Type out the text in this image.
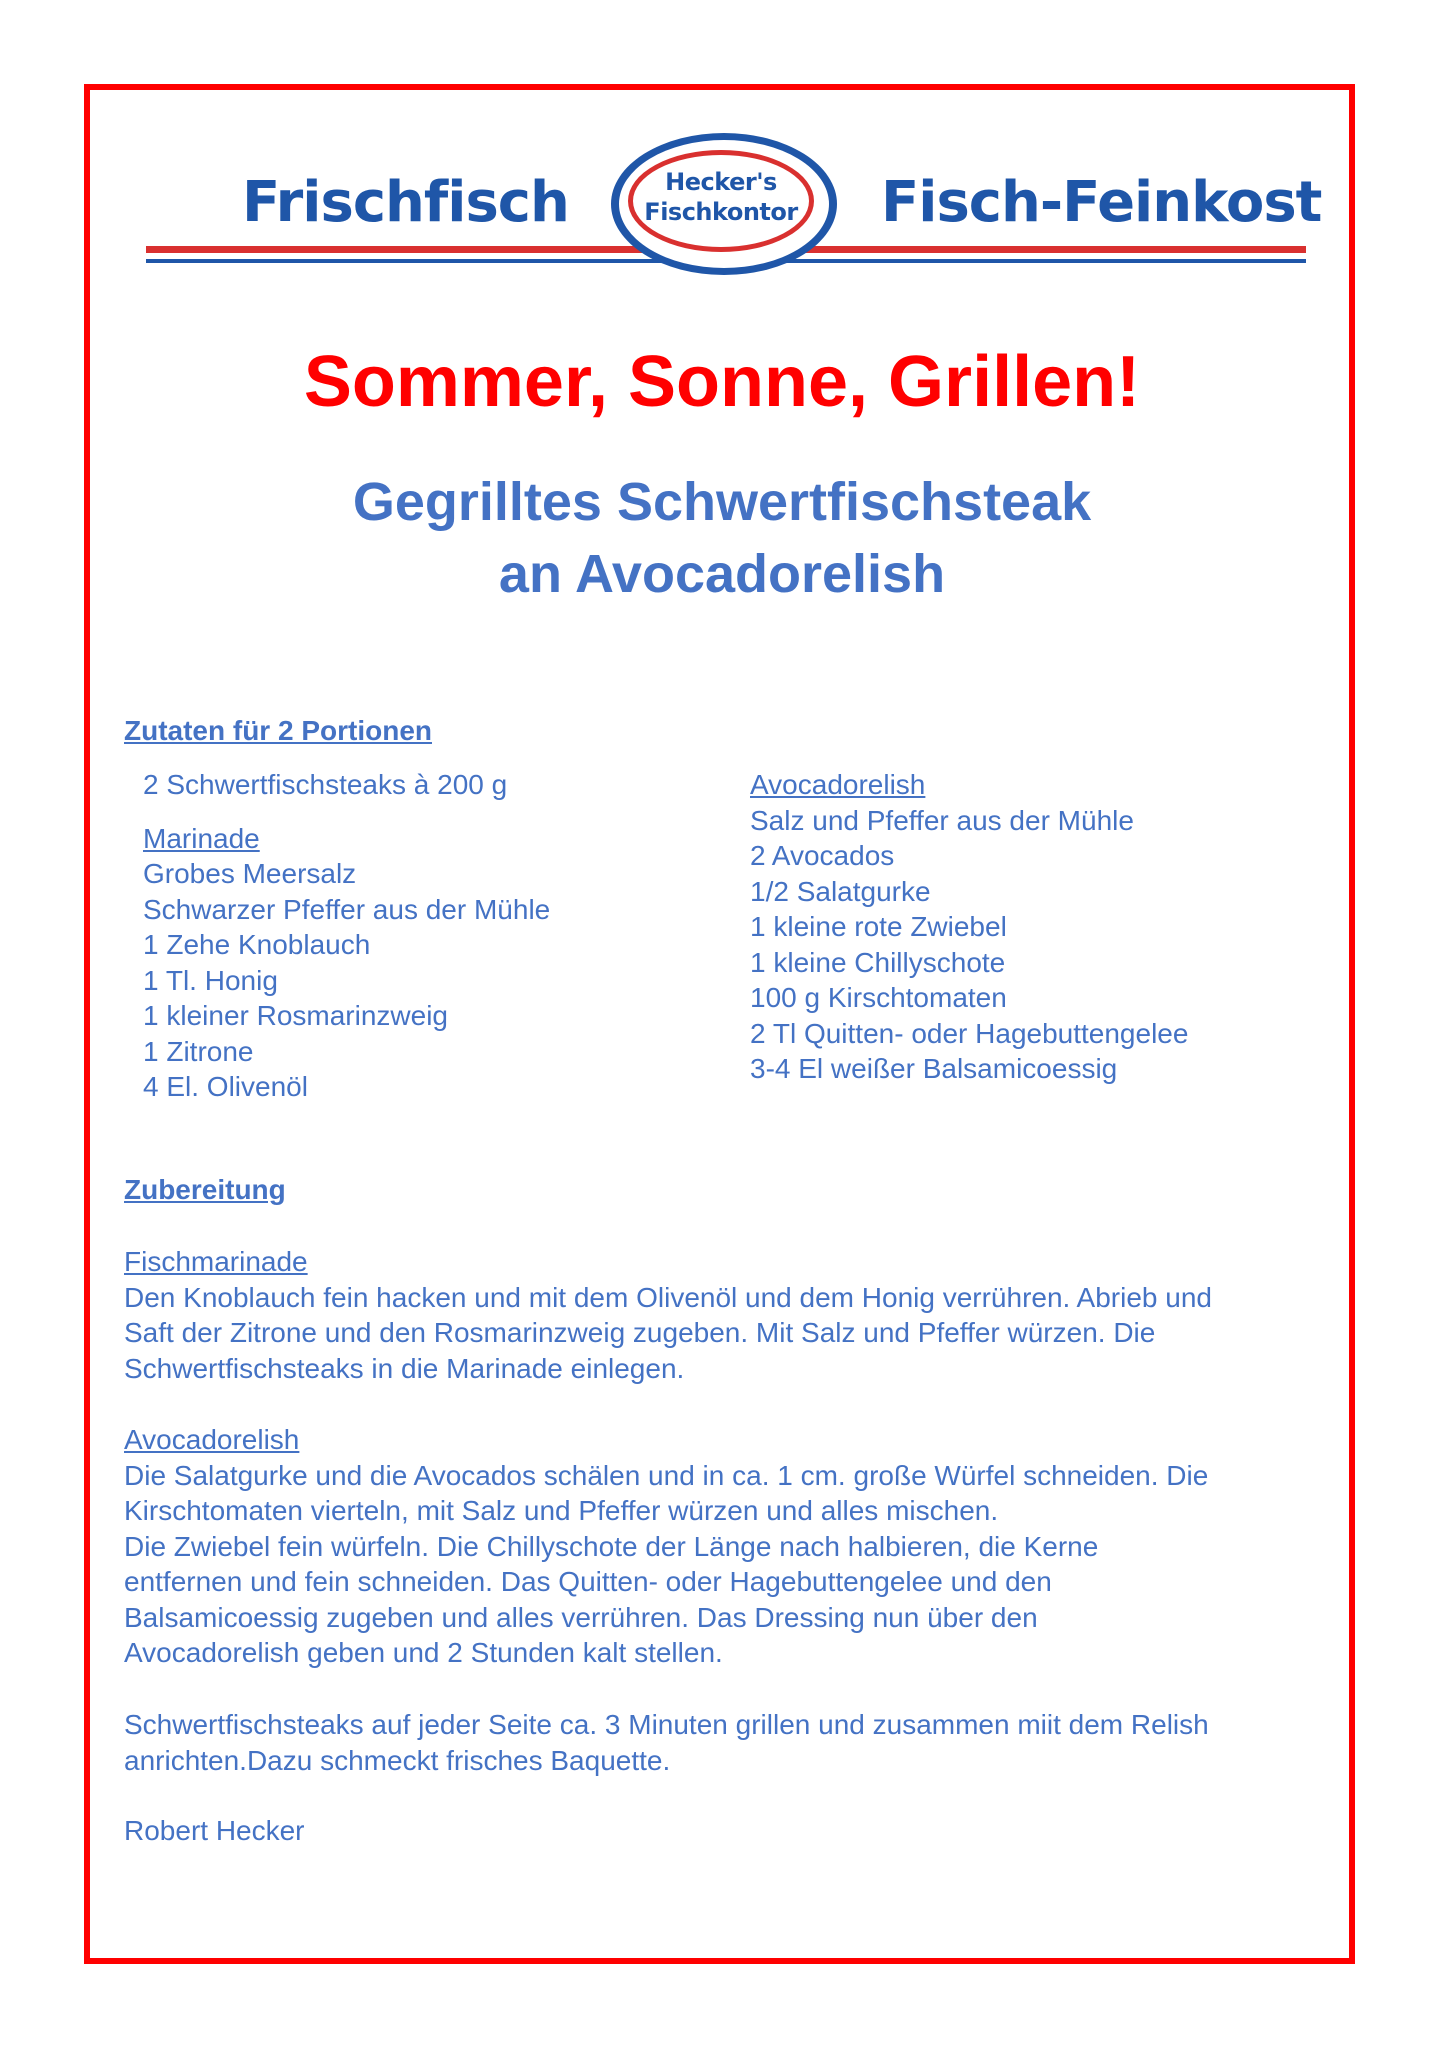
Frischfisch	Fisch-Feinkost
Hecker's
Fischkontor
Sommer, Sonne, Grillen!
Gegrilltes Schwertfischsteak
an Avocadorelish
Zutaten für 2 Portionen
2 Schwertfischsteaks à 200 g
Marinade
Grobes Meersalz
Schwarzer Pfeffer aus der Mühle
1 Zehe Knoblauch
1 Tl. Honig
1 kleiner Rosmarinzweig
1 Zitrone
4 El. Olivenöl
Avocadorelish
Salz und Pfeffer aus der Mühle
2 Avocados
1/2 Salatgurke
1 kleine rote Zwiebel
1 kleine Chillyschote
100 g Kirschtomaten
2 Tl Quitten- oder Hagebuttengelee
3-4 El weißer Balsamicoessig
Zubereitung
Fischmarinade
Den Knoblauch fein hacken und mit dem Olivenöl und dem Honig verrühren. Abrieb und
Saft der Zitrone und den Rosmarinzweig zugeben. Mit Salz und Pfeffer würzen. Die
Schwertfischsteaks in die Marinade einlegen.
Avocadorelish
Die Salatgurke und die Avocados schälen und in ca. 1 cm. große Würfel schneiden. Die
Kirschtomaten vierteln, mit Salz und Pfeffer würzen und alles mischen.
Die Zwiebel fein würfeln. Die Chillyschote der Länge nach halbieren, die Kerne
entfernen und fein schneiden. Das Quitten- oder Hagebuttengelee und den
Balsamicoessig zugeben und alles verrühren. Das Dressing nun über den
Avocadorelish geben und 2 Stunden kalt stellen.
Schwertfischsteaks auf jeder Seite ca. 3 Minuten grillen und zusammen miit dem Relish
anrichten.Dazu schmeckt frisches Baquette.
Robert Hecker
